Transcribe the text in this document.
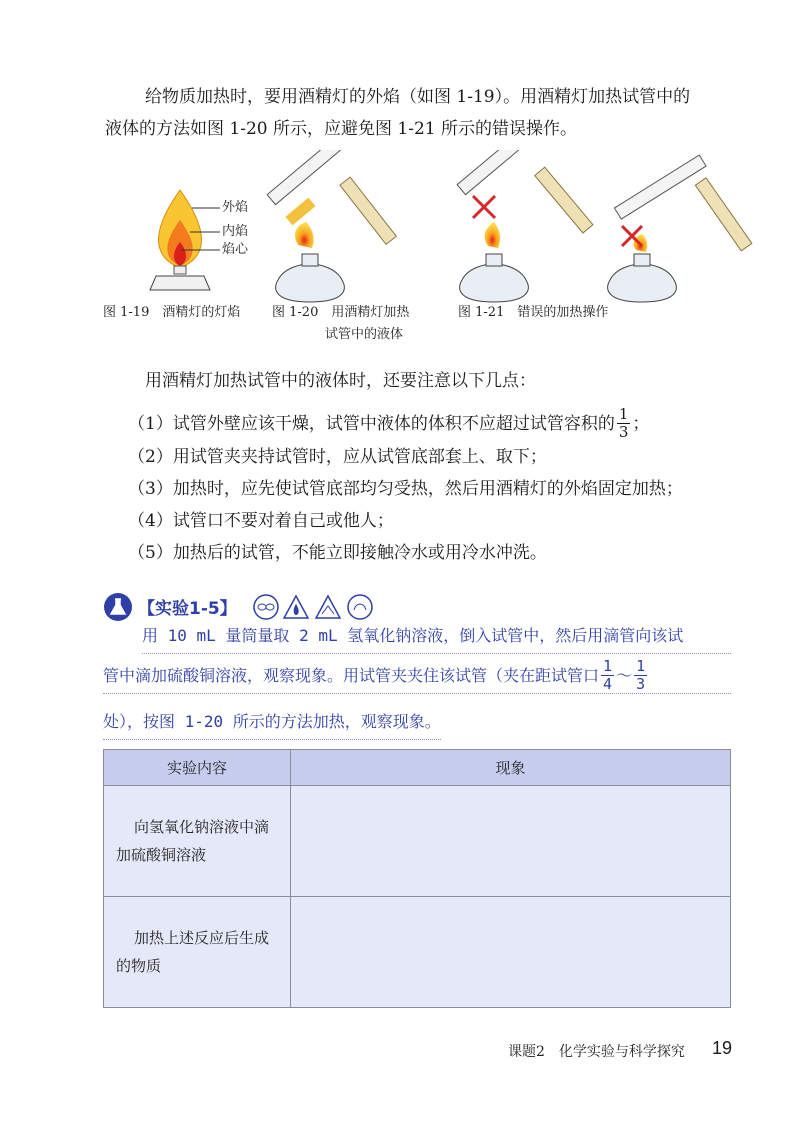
给物质加热时，要用酒精灯的外焰（如图 1-19）。用酒精灯加热试管中的
液体的方法如图 1-20 所示，应避免图 1-21 所示的错误操作。
外焰
内焰
焰心
图 1-19　酒精灯的灯焰 图 1-20　用酒精灯加热
试管中的液体
图 1-21　错误的加热操作
用酒精灯加热试管中的液体时，还要注意以下几点：
（1）试管外壁应该干燥，试管中液体的体积不应超过试管容积的 $\frac{1}{3}$ ；
（2）用试管夹夹持试管时，应从试管底部套上、取下；
（3）加热时，应先使试管底部均匀受热，然后用酒精灯的外焰固定加热；
（4）试管口不要对着自己或他人；
（5）加热后的试管，不能立即接触冷水或用冷水冲洗。
【实验1-5】
用 10 mL 量筒量取 2 mL 氢氧化钠溶液，倒入试管中，然后用滴管向该试
管中滴加硫酸铜溶液，观察现象。用试管夹夹住该试管（夹在距试管口 $\frac{1}{4}$ ～ $\frac{1}{3}$
处），按图 1-20 所示的方法加热，观察现象。
实验内容	现象

向氢氧化钠溶液中滴
加硫酸铜溶液	

加热上述反应后生成
的物质	

课题2　化学实验与科学探究 19
